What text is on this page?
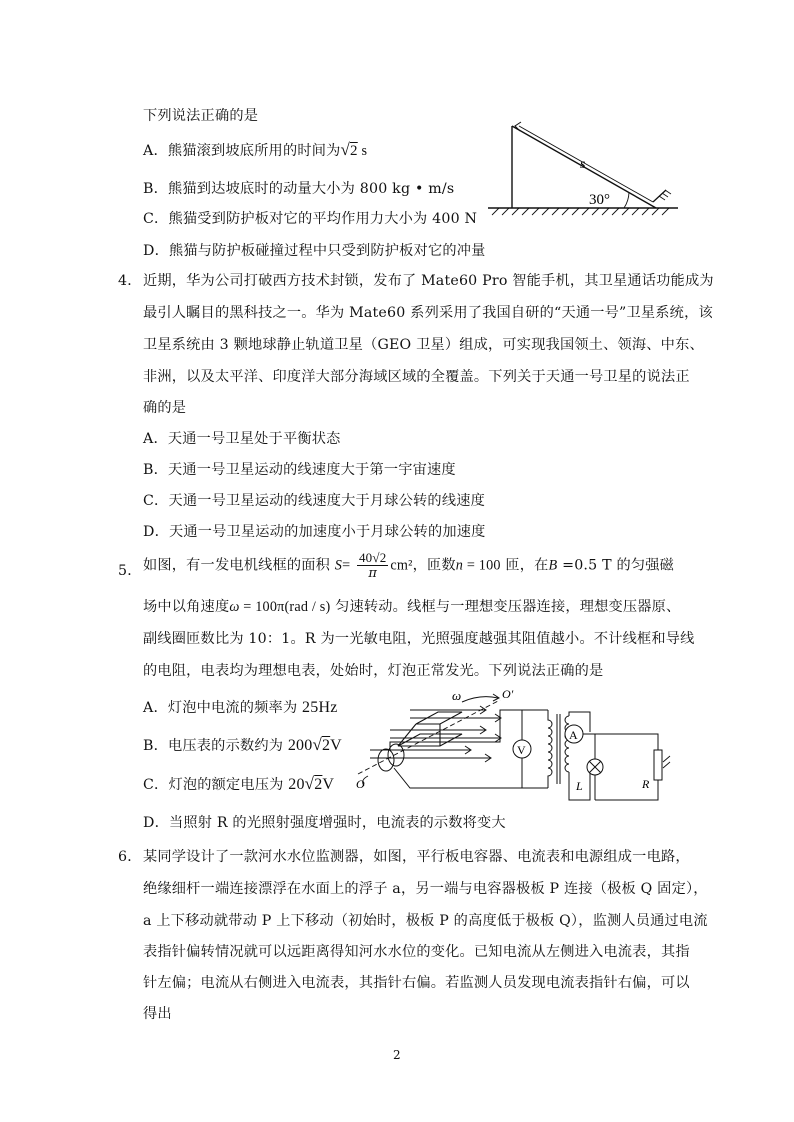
下列说法正确的是
A．熊猫滚到坡底所用的时间为√2 s
B．熊猫到达坡底时的动量大小为 800 kg • m/s
C．熊猫受到防护板对它的平均作用力大小为 400 N
D．熊猫与防护板碰撞过程中只受到防护板对它的冲量
s
30°
4． 近期，华为公司打破西方技术封锁，发布了 Mate60 Pro 智能手机，其卫星通话功能成为
最引人瞩目的黑科技之一。华为 Mate60 系列采用了我国自研的“天通一号”卫星系统，该
卫星系统由 3 颗地球静止轨道卫星（GEO 卫星）组成，可实现我国领土、领海、中东、
非洲，以及太平洋、印度洋大部分海域区域的全覆盖。下列关于天通一号卫星的说法正
确的是
A．天通一号卫星处于平衡状态
B．天通一号卫星运动的线速度大于第一宇宙速度
C．天通一号卫星运动的线速度大于月球公转的线速度
D．天通一号卫星运动的加速度小于月球公转的加速度
5． 如图，有一发电机线框的面积 $S= \frac{40√2}{\pi} cm^2$，匝数n = 100 匝，在B =0.5 T 的匀强磁
场中以角速度ω = 100π(rad / s) 匀速转动。线框与一理想变压器连接，理想变压器原、
副线圈匝数比为 10：1。R 为一光敏电阻，光照强度越强其阻值越小。不计线框和导线
的电阻，电表均为理想电表，处始时，灯泡正常发光。下列说法正确的是
A．灯泡中电流的频率为 25Hz
B．电压表的示数约为 200√2V
C．灯泡的额定电压为 20√2V
D．当照射 R 的光照射强度增强时，电流表的示数将变大
ω	O′
O
V
A
L	R
6． 某同学设计了一款河水水位监测器，如图，平行板电容器、电流表和电源组成一电路，
绝缘细杆一端连接漂浮在水面上的浮子 a，另一端与电容器极板 P 连接（极板 Q 固定），
a 上下移动就带动 P 上下移动（初始时，极板 P 的高度低于极板 Q），监测人员通过电流
表指针偏转情况就可以远距离得知河水水位的变化。已知电流从左侧进入电流表，其指
针左偏；电流从右侧进入电流表，其指针右偏。若监测人员发现电流表指针右偏，可以
得出
2
